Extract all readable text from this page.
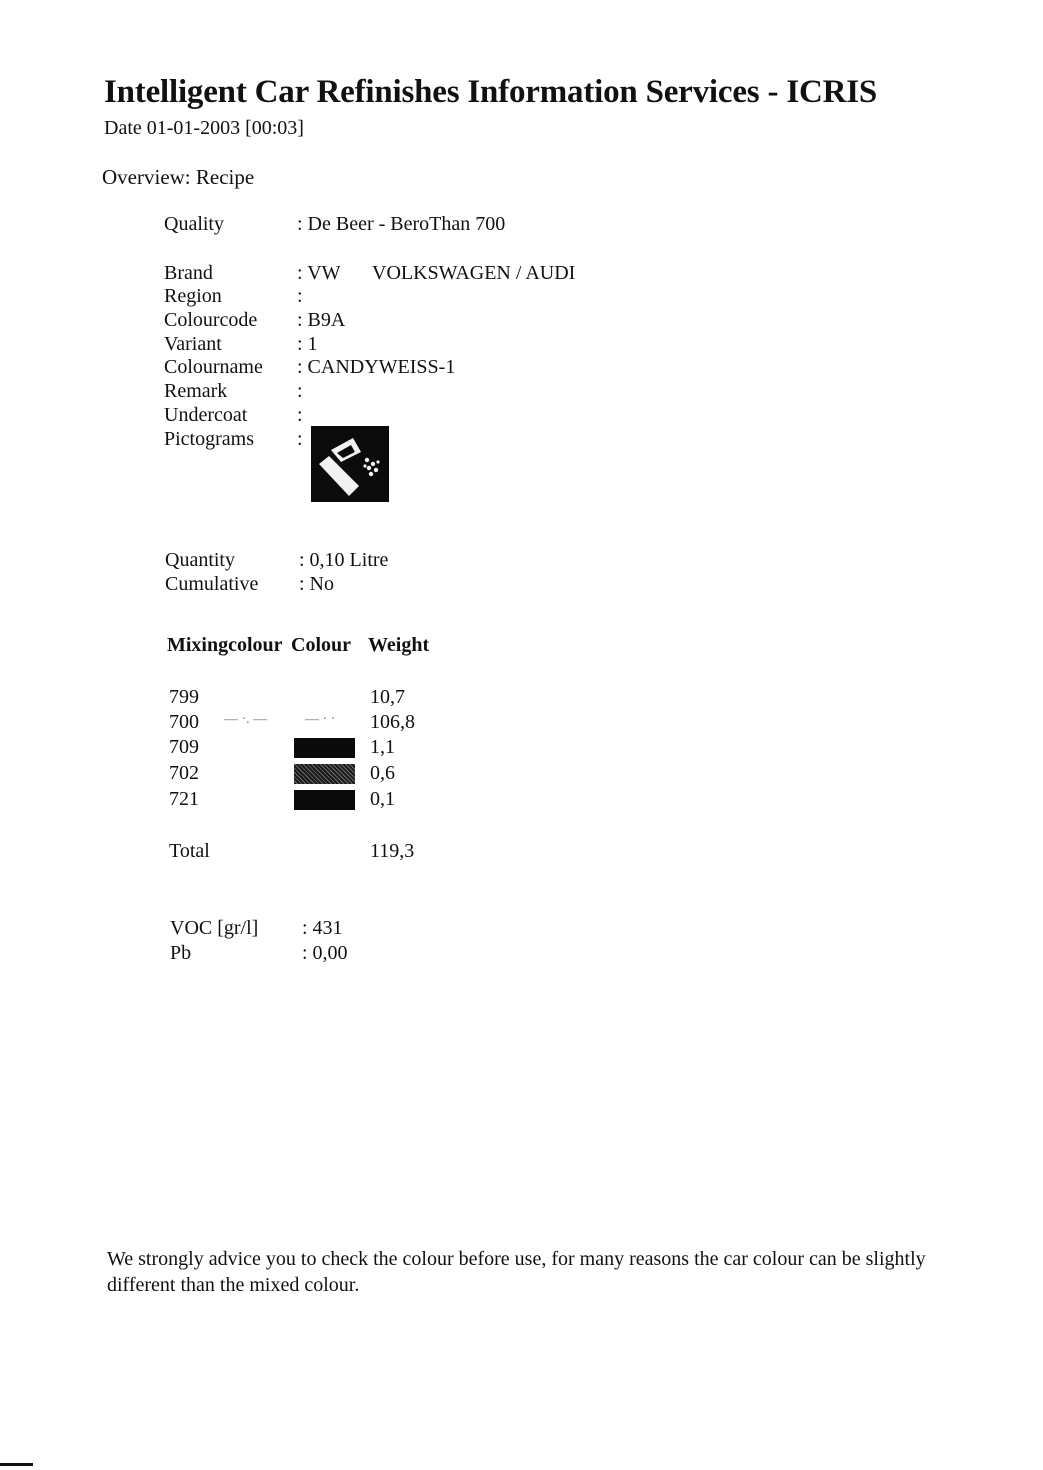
Intelligent Car Refinishes Information Services - ICRIS
Date 01-01-2003 [00:03]
Overview: Recipe
Quality	: De Beer - BeroThan 700
Brand	: VW VOLKSWAGEN / AUDI
Region	:
Colourcode : B9A
Variant	: 1
Colourname : CANDYWEISS-1
Remark	:
Undercoat :
Pictograms :
Quantity	: 0,10 Litre
Cumulative : No
Mixingcolour Colour Weight
799	10,7
700 — ·. —	— · · 106,8
709	1,1
702	0,6
721	0,1
Total	119,3
VOC [gr/l] : 431
Pb	: 0,00
We strongly advice you to check the colour before use, for many reasons the car colour can be slightly different than the mixed colour.
